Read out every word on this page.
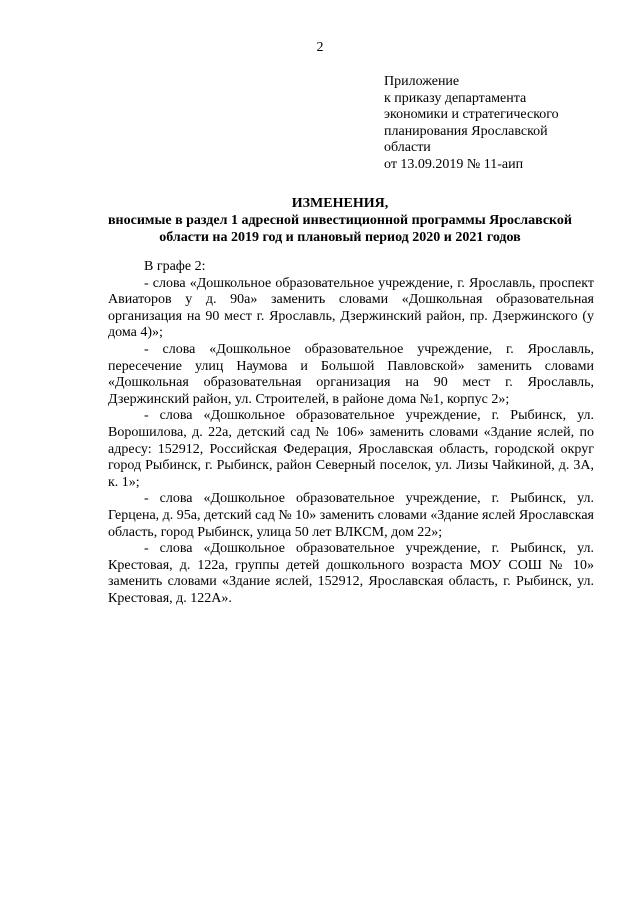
2
Приложение
к приказу департамента
экономики и стратегического
планирования Ярославской
области
от 13.09.2019 № 11-аип
ИЗМЕНЕНИЯ,
вносимые в раздел 1 адресной инвестиционной программы Ярославской
области на 2019 год и плановый период 2020 и 2021 годов

В графе 2:

- слова «Дошкольное образовательное учреждение, г. Ярославль, проспект Авиаторов у д. 90а» заменить словами «Дошкольная образовательная организация на 90 мест г. Ярославль, Дзержинский район, пр. Дзержинского (у дома 4)»;

- слова «Дошкольное образовательное учреждение, г. Ярославль, пересечение улиц Наумова и Большой Павловской» заменить словами «Дошкольная образовательная организация на 90 мест г. Ярославль, Дзержинский район, ул. Строителей, в районе дома №1, корпус 2»;

- слова «Дошкольное образовательное учреждение, г. Рыбинск, ул. Ворошилова, д. 22а, детский сад № 106» заменить словами «Здание яслей, по адресу: 152912, Российская Федерация, Ярославская область, городской округ город Рыбинск, г. Рыбинск, район Северный поселок, ул. Лизы Чайкиной, д. 3А, к. 1»;

- слова «Дошкольное образовательное учреждение, г. Рыбинск, ул. Герцена, д. 95а, детский сад № 10» заменить словами «Здание яслей Ярославская область, город Рыбинск, улица 50 лет ВЛКСМ, дом 22»;

- слова «Дошкольное образовательное учреждение, г. Рыбинск, ул. Крестовая, д. 122а, группы детей дошкольного возраста МОУ СОШ № 10» заменить словами «Здание яслей, 152912, Ярославская область, г. Рыбинск, ул. Крестовая, д. 122А».
